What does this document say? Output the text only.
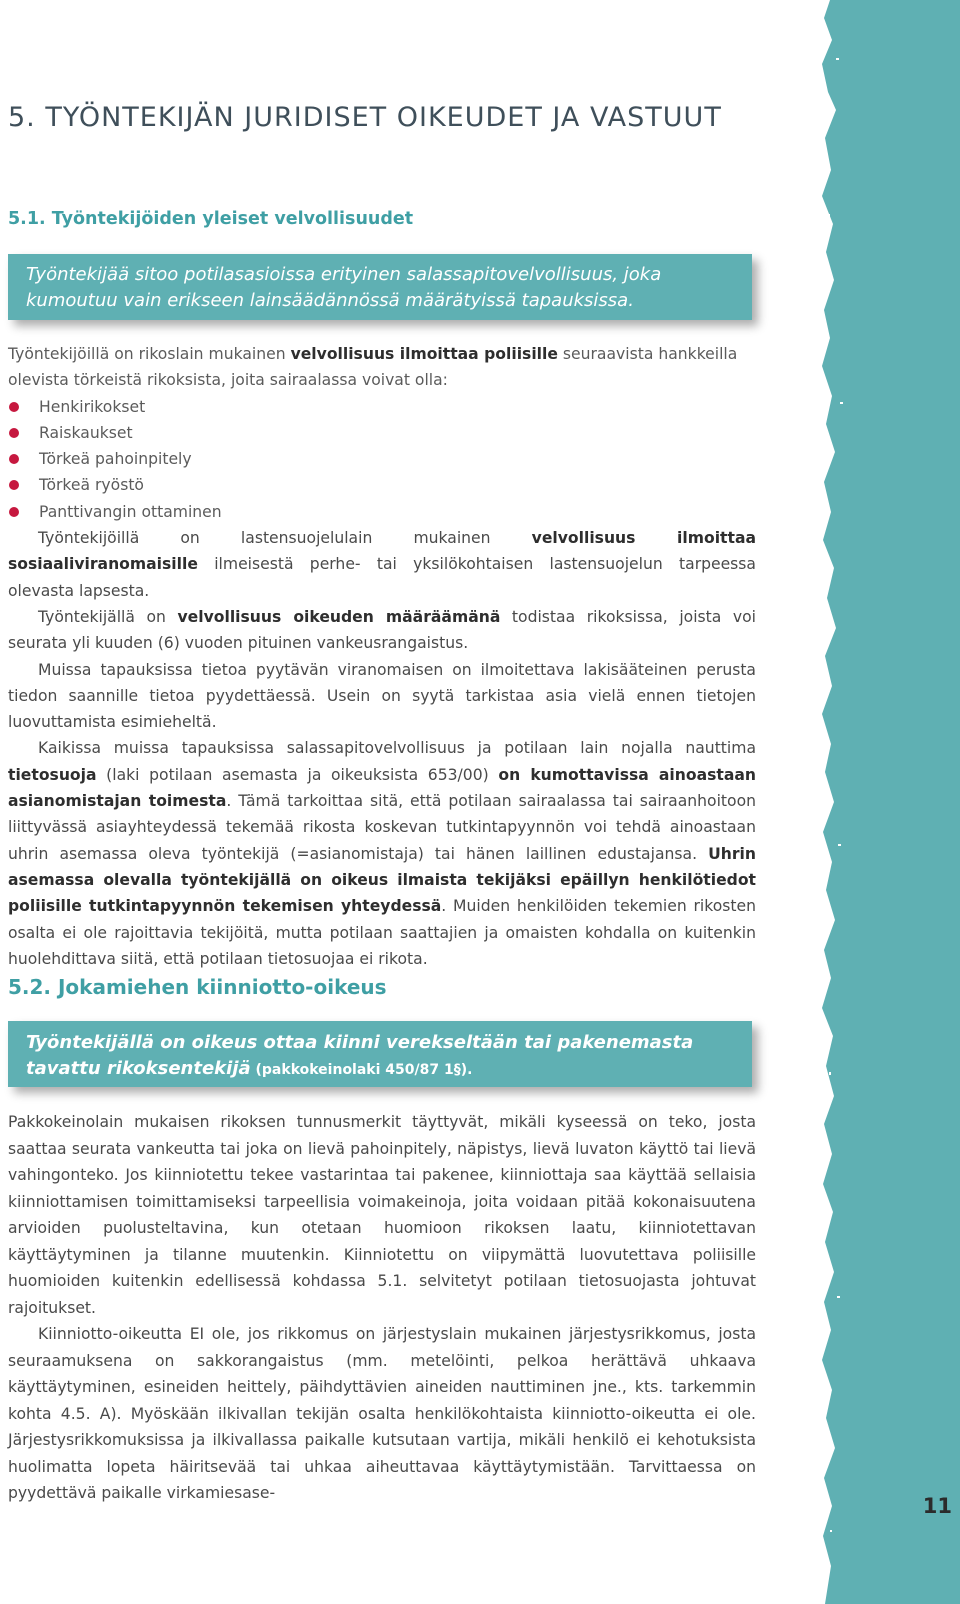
11
5. TYÖNTEKIJÄN JURIDISET OIKEUDET JA VASTUUT
5.1. Työntekijöiden yleiset velvollisuudet
Työntekijää sitoo potilasasioissa erityinen salassapitovelvollisuus, joka kumoutuu vain erikseen lainsäädännössä määrätyissä tapauksissa.

Työntekijöillä on rikoslain mukainen velvollisuus ilmoittaa poliisille seuraavista hankkeilla olevista törkeistä rikoksista, joita sairaalassa voivat olla:

Henkirikokset
Raiskaukset
Törkeä pahoinpitely
Törkeä ryöstö
Panttivangin ottaminen

Työntekijöillä on lastensuojelulain mukainen velvollisuus ilmoittaa sosiaaliviranomaisille ilmeisestä perhe- tai yksilökohtaisen lastensuojelun tarpeessa olevasta lapsesta.

Työntekijällä on velvollisuus oikeuden määräämänä todistaa rikoksissa, joista voi seurata yli kuuden (6) vuoden pituinen vankeusrangaistus.

Muissa tapauksissa tietoa pyytävän viranomaisen on ilmoitettava lakisääteinen perusta tiedon saannille tietoa pyydettäessä. Usein on syytä tarkistaa asia vielä ennen tietojen luovuttamista esimieheltä.

Kaikissa muissa tapauksissa salassapitovelvollisuus ja potilaan lain nojalla nauttima tietosuoja (laki potilaan asemasta ja oikeuksista 653/00) on kumottavissa ainoastaan asianomistajan toimesta. Tämä tarkoittaa sitä, että potilaan sairaalassa tai sairaanhoitoon liittyvässä asiayhteydessä tekemää rikosta koskevan tutkintapyynnön voi tehdä ainoastaan uhrin asemassa oleva työntekijä (=asianomistaja) tai hänen laillinen edustajansa. Uhrin asemassa olevalla työntekijällä on oikeus ilmaista tekijäksi epäillyn henkilötiedot poliisille tutkintapyynnön tekemisen yhteydessä. Muiden henkilöiden tekemien rikosten osalta ei ole rajoittavia tekijöitä, mutta potilaan saattajien ja omaisten kohdalla on kuitenkin huolehdittava siitä, että potilaan tietosuojaa ei rikota.

5.2. Jokamiehen kiinniotto-oikeus
Työntekijällä on oikeus ottaa kiinni verekseltään tai pakenemasta tavattu rikoksentekijä (pakkokeinolaki 450/87 1§).

Pakkokeinolain mukaisen rikoksen tunnusmerkit täyttyvät, mikäli kyseessä on teko, josta saattaa seurata vankeutta tai joka on lievä pahoinpitely, näpistys, lievä luvaton käyttö tai lievä vahingonteko. Jos kiinniotettu tekee vastarintaa tai pakenee, kiinniottaja saa käyttää sellaisia kiinniottamisen toimittamiseksi tarpeellisia voimakeinoja, joita voidaan pitää kokonaisuutena arvioiden puolusteltavina, kun otetaan huomioon rikoksen laatu, kiinniotettavan käyttäytyminen ja tilanne muutenkin. Kiinniotettu on viipymättä luovutettava poliisille huomioiden kuitenkin edellisessä kohdassa 5.1. selvitetyt potilaan tietosuojasta johtuvat rajoitukset.

Kiinniotto-oikeutta EI ole, jos rikkomus on järjestyslain mukainen järjestysrikkomus, josta seuraamuksena on sakkorangaistus (mm. metelöinti, pelkoa herättävä uhkaava käyttäytyminen, esineiden heittely, päihdyttävien aineiden nauttiminen jne., kts. tarkemmin kohta 4.5. A). Myöskään ilkivallan tekijän osalta henkilökohtaista kiinniotto-oikeutta ei ole. Järjestysrikkomuksissa ja ilkivallassa paikalle kutsutaan vartija, mikäli henkilö ei kehotuksista huolimatta lopeta häiritsevää tai uhkaa aiheuttavaa käyttäytymistään. Tarvittaessa on pyydettävä paikalle virkamiesase-
